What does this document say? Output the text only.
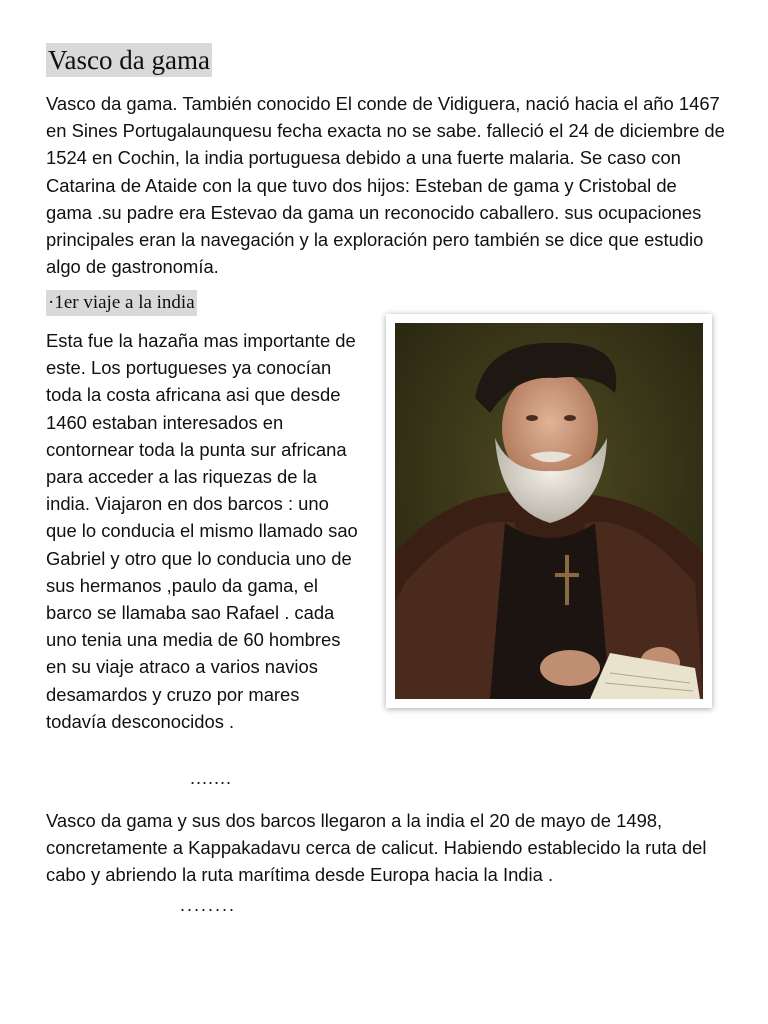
Vasco da gama

Vasco da gama. También conocido El conde de Vidiguera, nació hacia el año 1467 en Sines Portugalaunquesu fecha exacta no se sabe. falleció el 24 de diciembre de 1524 en Cochin, la india portuguesa debido a una fuerte malaria. Se caso con Catarina de Ataide con la que tuvo dos hijos: Esteban de gama y Cristobal de gama .su padre era Estevao da gama un reconocido caballero. sus ocupaciones principales eran la navegación y la exploración pero también se dice que estudio algo de gastronomía.

·1er viaje a la india

Esta fue la hazaña mas importante de este. Los portugueses ya conocían toda la costa africana asi que desde 1460 estaban interesados en contornear toda la punta sur africana para acceder a las riquezas de la india. Viajaron en dos barcos : uno que lo conducia el mismo llamado sao Gabriel y otro que lo conducia uno de sus hermanos ,paulo da gama, el barco se llamaba sao Rafael . cada uno tenia una media de 60 hombres en su viaje atraco a varios navios desamardos y cruzo por mares todavía desconocidos .

.......

Vasco da gama y sus dos barcos llegaron a la india el 20 de mayo de 1498, concretamente a Kappakadavu cerca de calicut. Habiendo establecido la ruta del cabo y abriendo la ruta marítima desde Europa hacia la India .

........
